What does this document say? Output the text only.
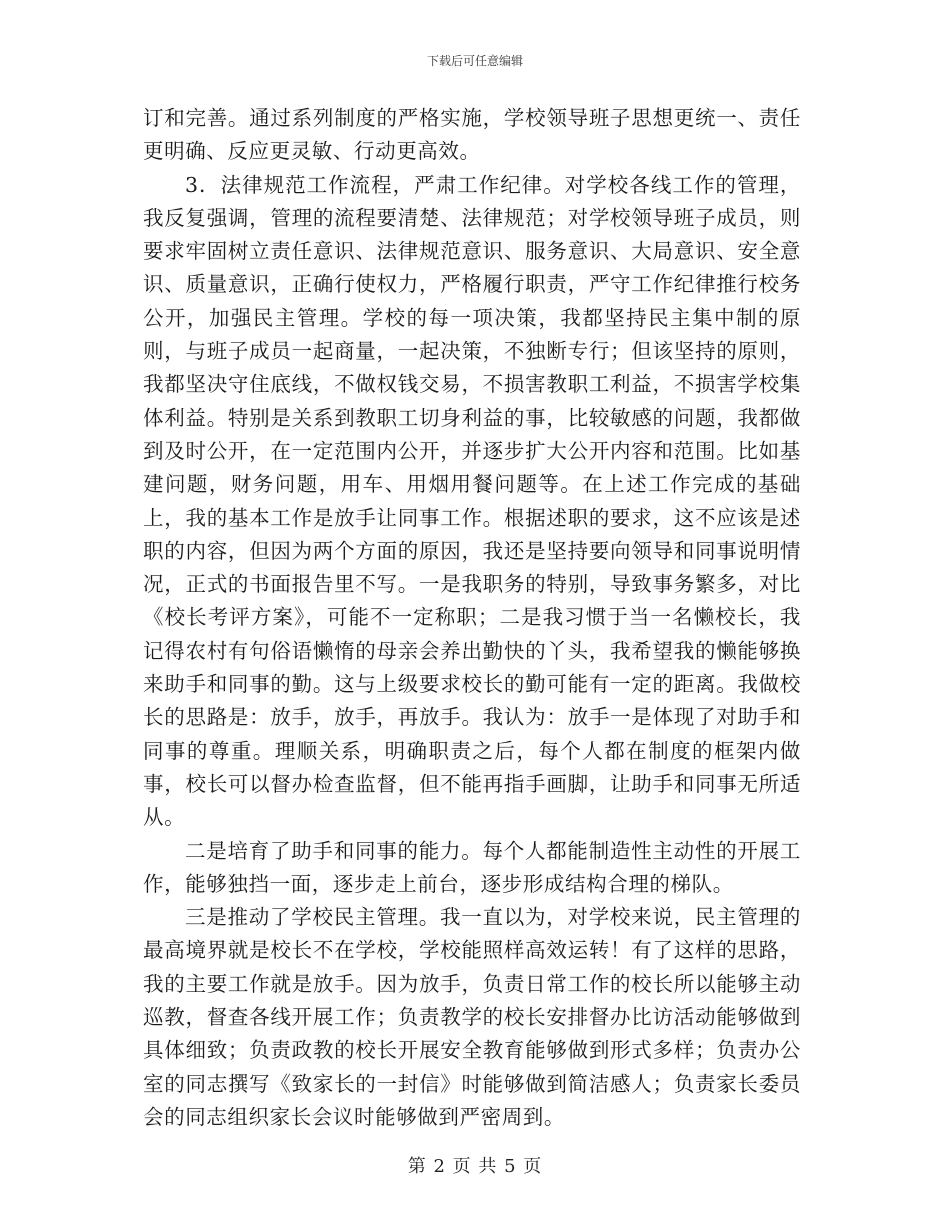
下载后可任意编辑

订和完善。通过系列制度的严格实施，学校领导班子思想更统一、责任更明确、反应更灵敏、行动更高效。

3．法律规范工作流程，严肃工作纪律。对学校各线工作的管理，我反复强调，管理的流程要清楚、法律规范；对学校领导班子成员，则要求牢固树立责任意识、法律规范意识、服务意识、大局意识、安全意识、质量意识，正确行使权力，严格履行职责，严守工作纪律推行校务公开，加强民主管理。学校的每一项决策，我都坚持民主集中制的原则，与班子成员一起商量，一起决策，不独断专行；但该坚持的原则，我都坚决守住底线，不做权钱交易，不损害教职工利益，不损害学校集体利益。特别是关系到教职工切身利益的事，比较敏感的问题，我都做到及时公开，在一定范围内公开，并逐步扩大公开内容和范围。比如基建问题，财务问题，用车、用烟用餐问题等。在上述工作完成的基础上，我的基本工作是放手让同事工作。根据述职的要求，这不应该是述职的内容，但因为两个方面的原因，我还是坚持要向领导和同事说明情况，正式的书面报告里不写。一是我职务的特别，导致事务繁多，对比《校长考评方案》，可能不一定称职；二是我习惯于当一名懒校长，我记得农村有句俗语懒惰的母亲会养出勤快的丫头，我希望我的懒能够换来助手和同事的勤。这与上级要求校长的勤可能有一定的距离。我做校长的思路是：放手，放手，再放手。我认为：放手一是体现了对助手和同事的尊重。理顺关系，明确职责之后，每个人都在制度的框架内做事，校长可以督办检查监督，但不能再指手画脚，让助手和同事无所适从。

二是培育了助手和同事的能力。每个人都能制造性主动性的开展工作，能够独挡一面，逐步走上前台，逐步形成结构合理的梯队。

三是推动了学校民主管理。我一直以为，对学校来说，民主管理的最高境界就是校长不在学校，学校能照样高效运转！有了这样的思路，我的主要工作就是放手。因为放手，负责日常工作的校长所以能够主动巡教，督查各线开展工作；负责教学的校长安排督办比访活动能够做到具体细致；负责政教的校长开展安全教育能够做到形式多样；负责办公室的同志撰写《致家长的一封信》时能够做到简洁感人；负责家长委员会的同志组织家长会议时能够做到严密周到。

第 2 页 共 5 页
